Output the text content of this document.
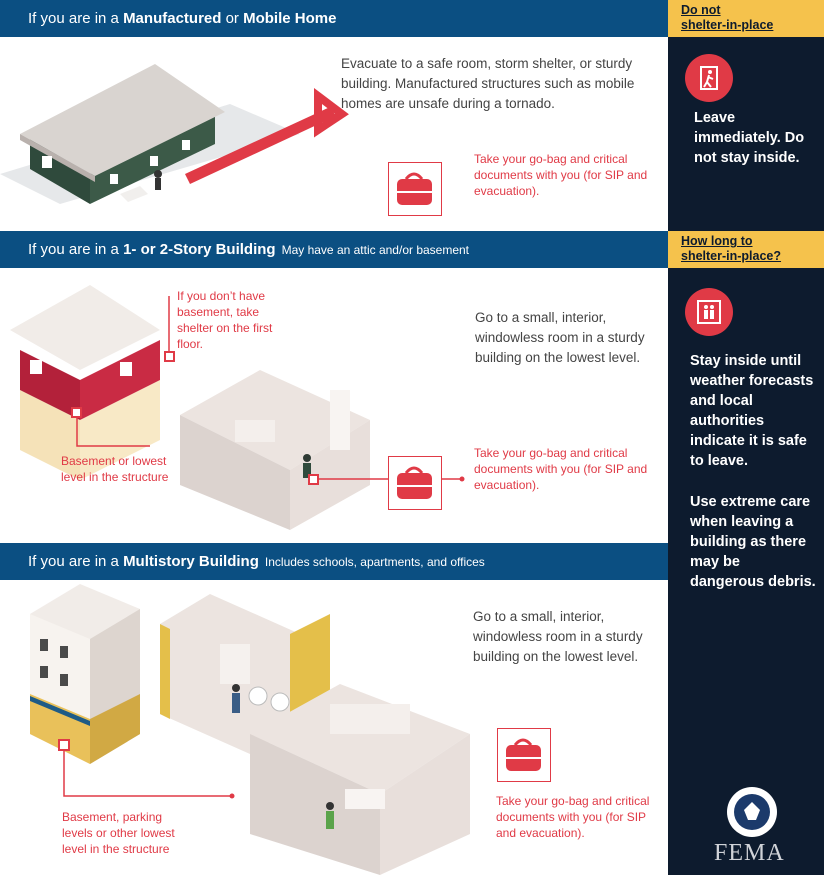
If you are in a Manufactured or Mobile Home
If you are in a 1- or 2-Story Building May have an attic and/or basement
If you are in a Multistory Building Includes schools, apartments, and offices
Evacuate to a safe room, storm shelter, or sturdy building. Manufactured structures such as mobile homes are unsafe during a tornado.
Take your go-bag and critical documents with you (for SIP and evacuation).
If you don’t have basement, take shelter on the first floor.
Basement or lowest level in the structure
Go to a small, interior, windowless room in a sturdy building on the lowest level.
Take your go-bag and critical documents with you (for SIP and evacuation).
Go to a small, interior, windowless room in a sturdy building on the lowest level.
Basement, parking levels or other lowest level in the structure
Take your go-bag and critical documents with you (for SIP and evacuation).
Do not
shelter-in-place
Leave immediately. Do not stay inside.
How long to
shelter-in-place?
Stay inside until weather forecasts and local authorities indicate it is safe to leave.
Use extreme care when leaving a building as there may be dangerous debris.
FEMA
